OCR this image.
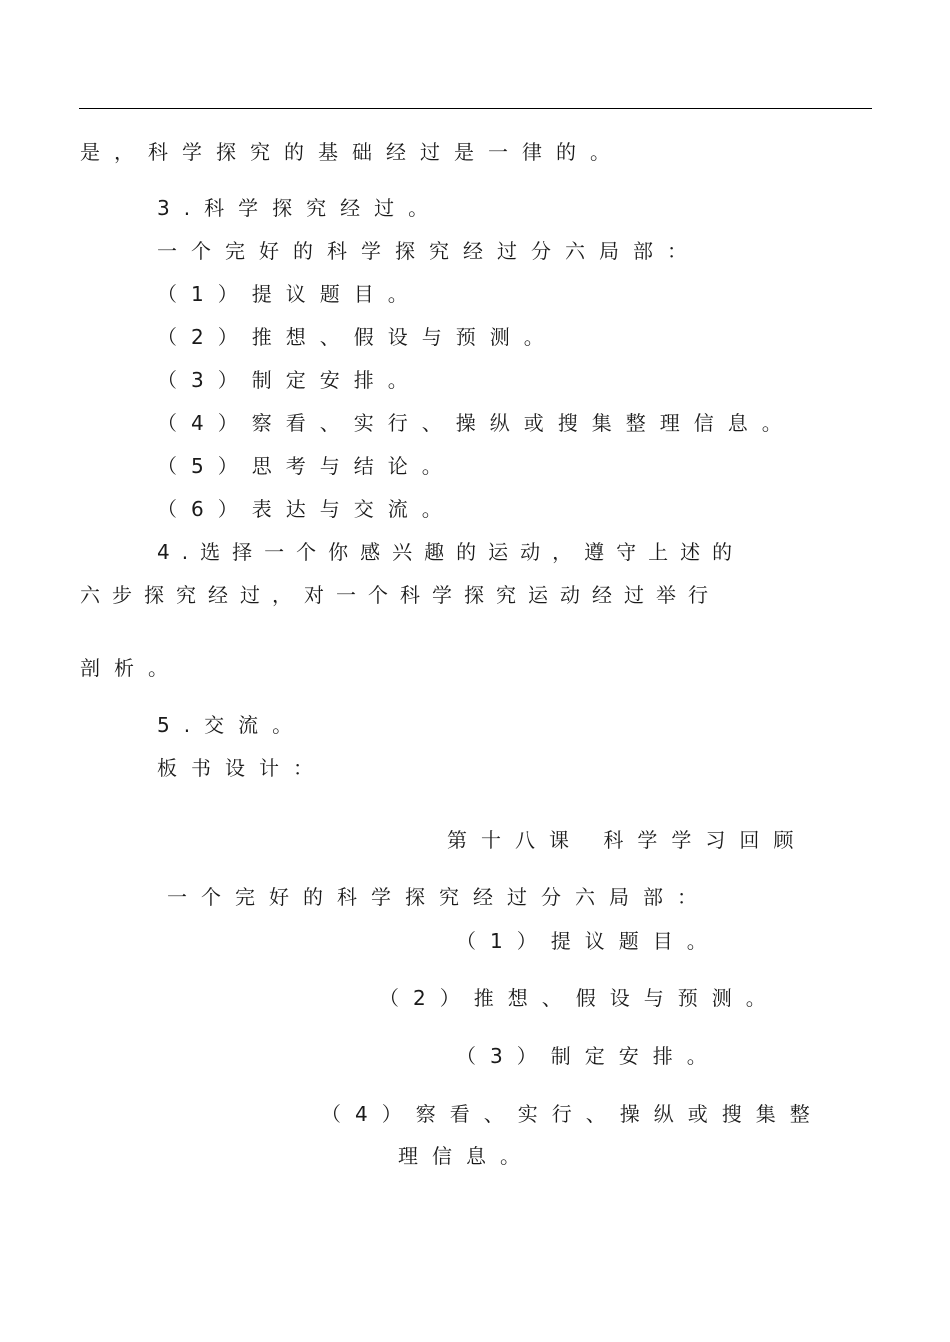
是，科学探究的基础经过是一律的。

3.科学探究经过。

一个完好的科学探究经过分六局部：

（1）提议题目。

（2）推想、假设与预测。

（3）制定安排。

（4）察看、实行、操纵或搜集整理信息。

（5）思考与结论。

（6）表达与交流。

4.选择一个你感兴趣的运动，遵守上述的

六步探究经过，对一个科学探究运动经过举行

剖析。

5.交流。

板书设计：

第十八课 科学学习回顾

一个完好的科学探究经过分六局部：

（1）提议题目。

（2）推想、假设与预测。

（3）制定安排。

（4）察看、实行、操纵或搜集整

理信息。
